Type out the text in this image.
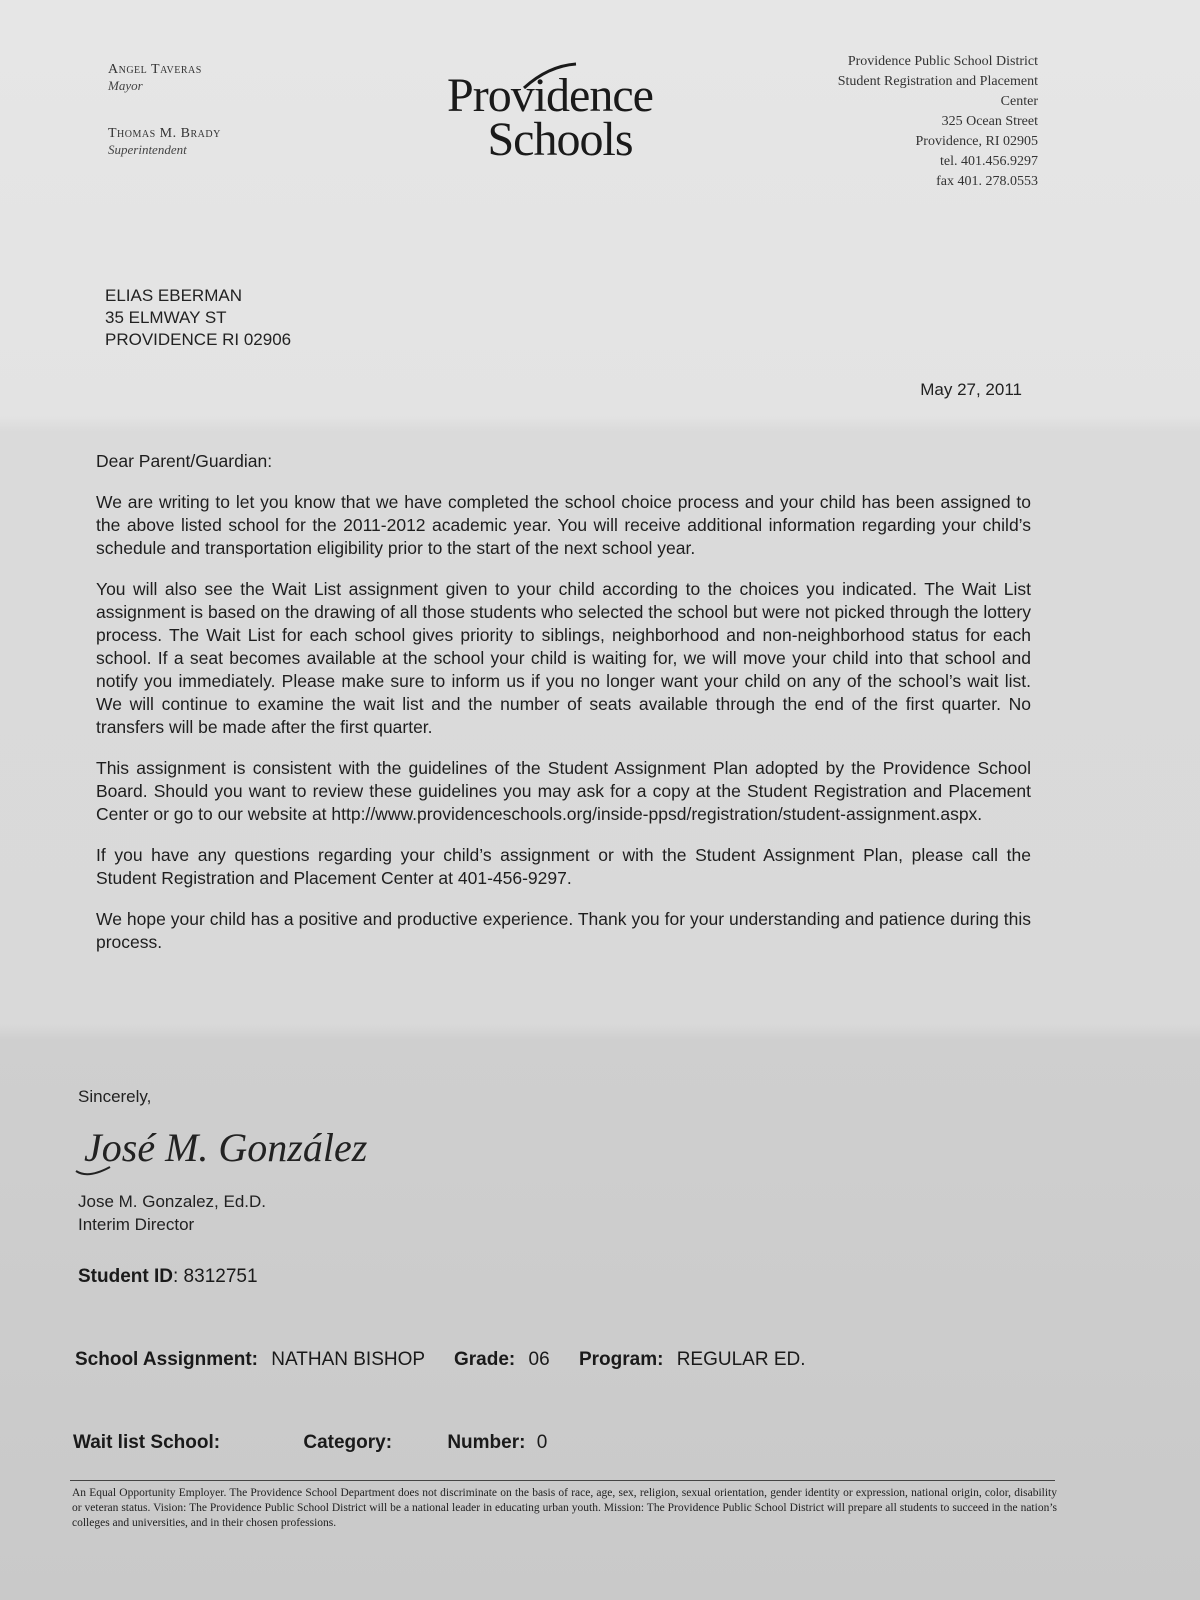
Angel Taveras
Mayor
Thomas M. Brady
Superintendent
Providence
Schools
Providence Public School District
Student Registration and Placement
Center
325 Ocean Street
Providence, RI 02905
tel. 401.456.9297
fax 401. 278.0553
ELIAS EBERMAN
35 ELMWAY ST
PROVIDENCE RI 02906
May 27, 2011

Dear Parent/Guardian:

We are writing to let you know that we have completed the school choice process and your child has been assigned to the above listed school for the 2011-2012 academic year. You will receive additional information regarding your child’s schedule and transportation eligibility prior to the start of the next school year.

You will also see the Wait List assignment given to your child according to the choices you indicated. The Wait List assignment is based on the drawing of all those students who selected the school but were not picked through the lottery process. The Wait List for each school gives priority to siblings, neighborhood and non-neighborhood status for each school. If a seat becomes available at the school your child is waiting for, we will move your child into that school and notify you immediately. Please make sure to inform us if you no longer want your child on any of the school’s wait list. We will continue to examine the wait list and the number of seats available through the end of the first quarter. No transfers will be made after the first quarter.

This assignment is consistent with the guidelines of the Student Assignment Plan adopted by the Providence School Board. Should you want to review these guidelines you may ask for a copy at the Student Registration and Placement Center or go to our website at http://www.providenceschools.org/inside-ppsd/registration/student-assignment.aspx.

If you have any questions regarding your child’s assignment or with the Student Assignment Plan, please call the Student Registration and Placement Center at 401-456-9297.

We hope your child has a positive and productive experience. Thank you for your understanding and patience during this process.

Sincerely,
José M. González
Jose M. Gonzalez, Ed.D.
Interim Director
Student ID: 8312751
School Assignment: NATHAN BISHOP Grade: 06 Program: REGULAR ED.
Wait list School:	Category:	Number: 0
An Equal Opportunity Employer. The Providence School Department does not discriminate on the basis of race, age, sex, religion, sexual orientation, gender identity or expression, national origin, color, disability or veteran status. Vision: The Providence Public School District will be a national leader in educating urban youth. Mission: The Providence Public School District will prepare all students to succeed in the nation’s colleges and universities, and in their chosen professions.
